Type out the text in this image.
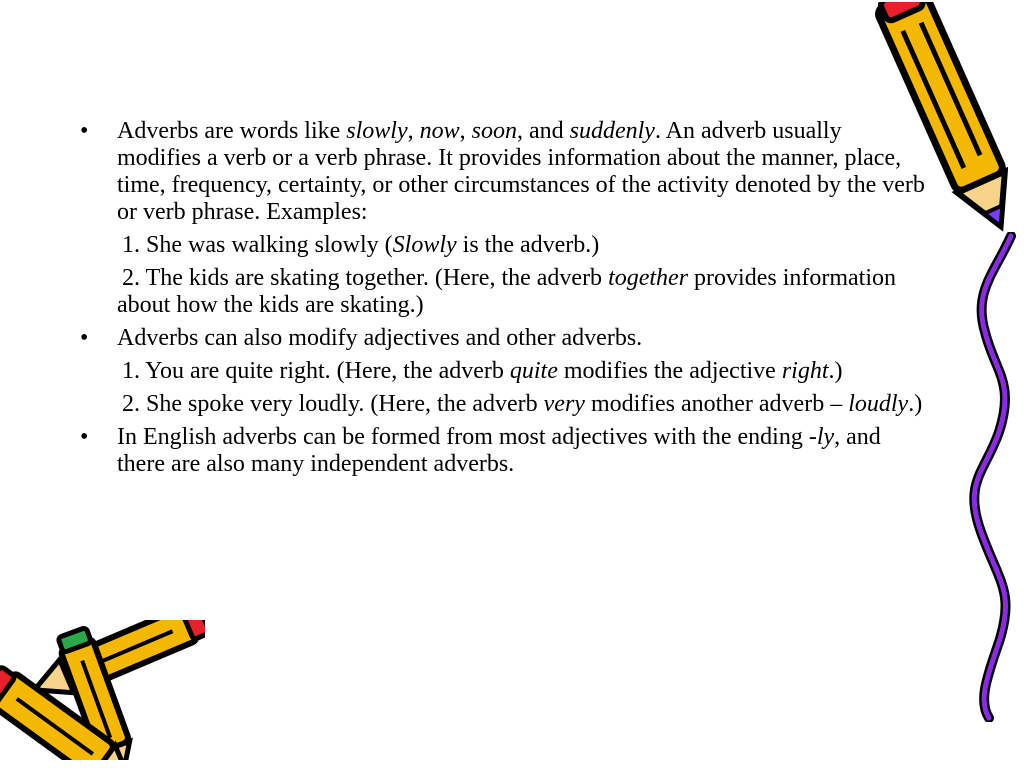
• Adverbs are words like slowly, now, soon, and suddenly. An adverb usually modifies a verb or a verb phrase. It provides information about the manner, place, time, frequency, certainty, or other circumstances of the activity denoted by the verb or verb phrase. Examples:
1. She was walking slowly (Slowly is the adverb.)
2. The kids are skating together. (Here, the adverb together provides information about how the kids are skating.)
• Adverbs can also modify adjectives and other adverbs.
1. You are quite right. (Here, the adverb quite modifies the adjective right.)
2. She spoke very loudly. (Here, the adverb very modifies another adverb – loudly.)
• In English adverbs can be formed from most adjectives with the ending -ly, and there are also many independent adverbs.
